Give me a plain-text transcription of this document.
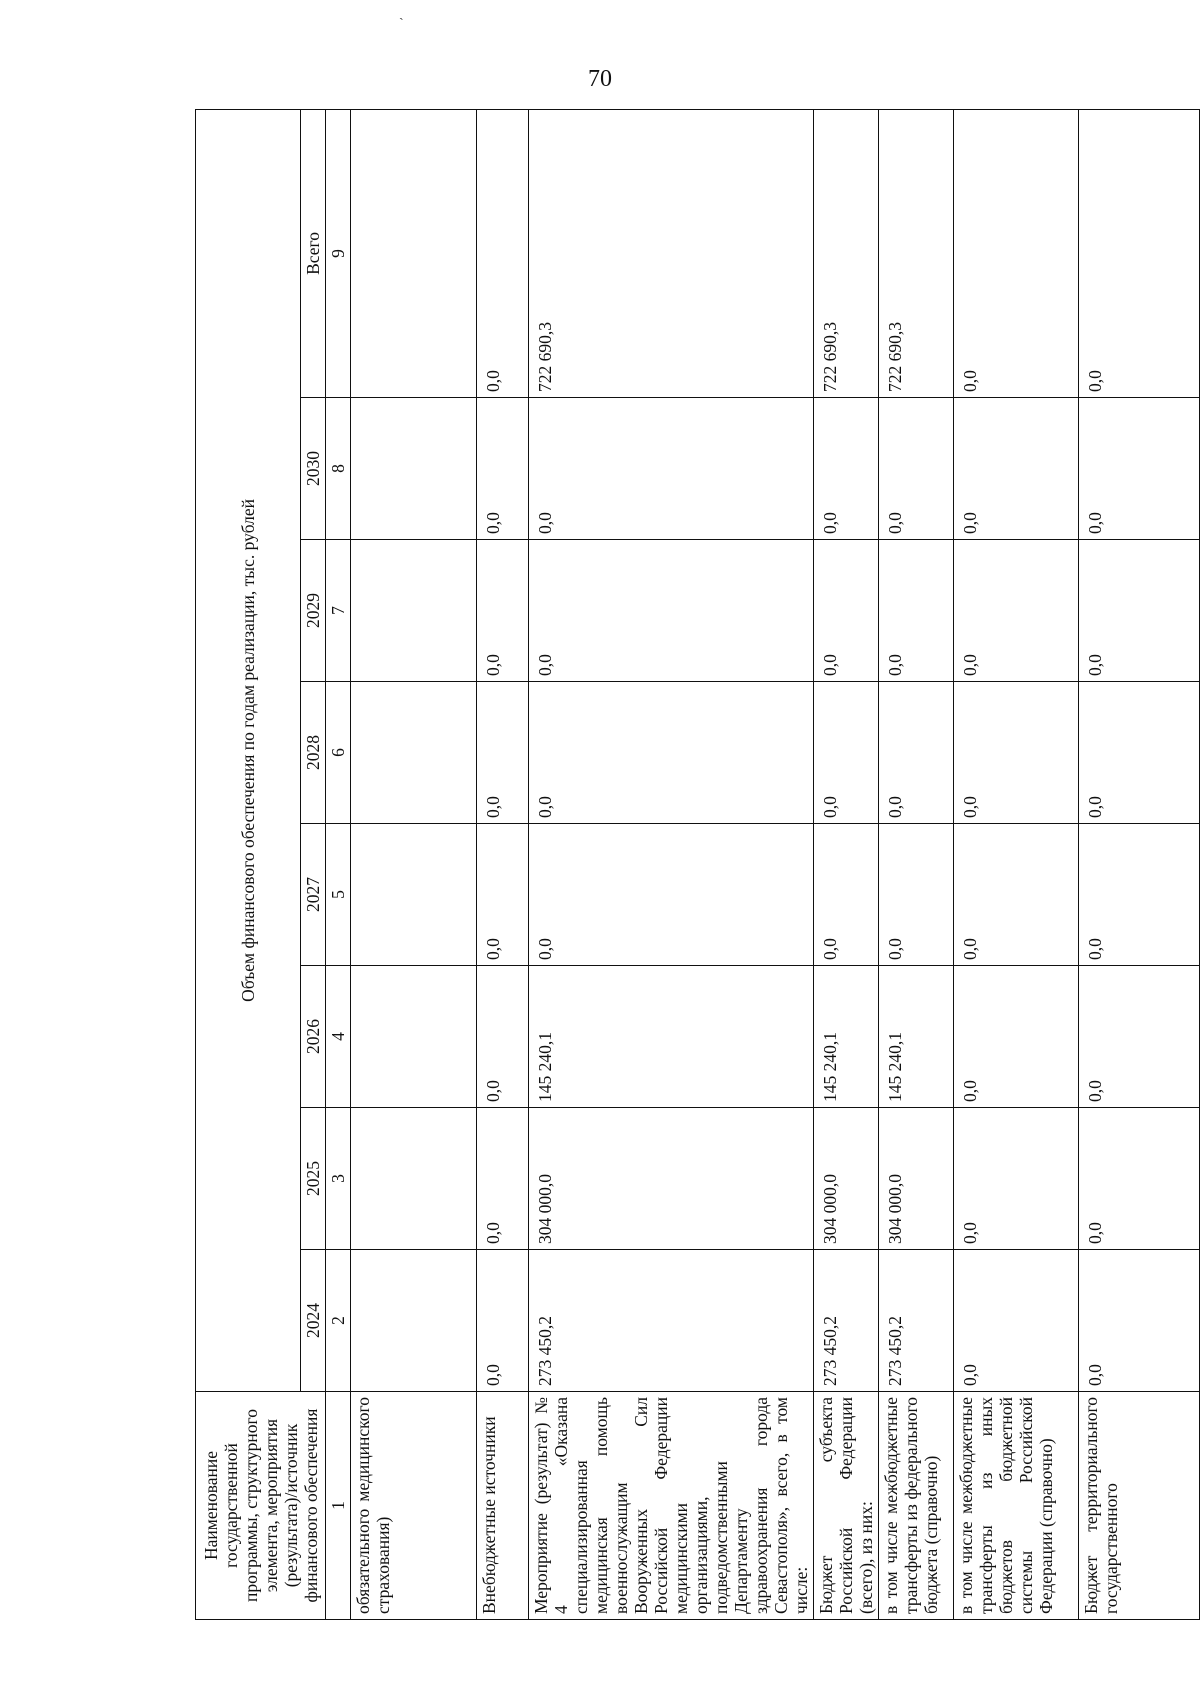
ˎ
70
Наименование государственной программы, структурного элемента, мероприятия (результата)/источник финансового обеспечения	Объем финансового обеспечения по годам реализации, тыс. рублей							
	2024	2025	2026	2027	2028	2029	2030	Всего
1	2	3	4	5	6	7	8	9
обязательного медицинского страхования)								
Внебюджетные источники	0,0	0,0	0,0	0,0	0,0	0,0	0,0	0,0
Мероприятие (результат) № 4 «Оказана специализированная медицинская помощь военнослужащим Вооруженных Сил Российской Федерации медицинскими организациями, подведомственными Департаменту здравоохранения города Севастополя», всего, в том числе:	273 450,2	304 000,0	145 240,1	0,0	0,0	0,0	0,0	722 690,3
Бюджет субъекта Российской Федерации (всего), из них:	273 450,2	304 000,0	145 240,1	0,0	0,0	0,0	0,0	722 690,3
в том числе межбюджетные трансферты из федерального бюджета (справочно)	273 450,2	304 000,0	145 240,1	0,0	0,0	0,0	0,0	722 690,3
в том числе межбюджетные трансферты из иных бюджетов бюджетной системы Российской Федерации (справочно)	0,0	0,0	0,0	0,0	0,0	0,0	0,0	0,0
Бюджет территориального государственного	0,0	0,0	0,0	0,0	0,0	0,0	0,0	0,0
